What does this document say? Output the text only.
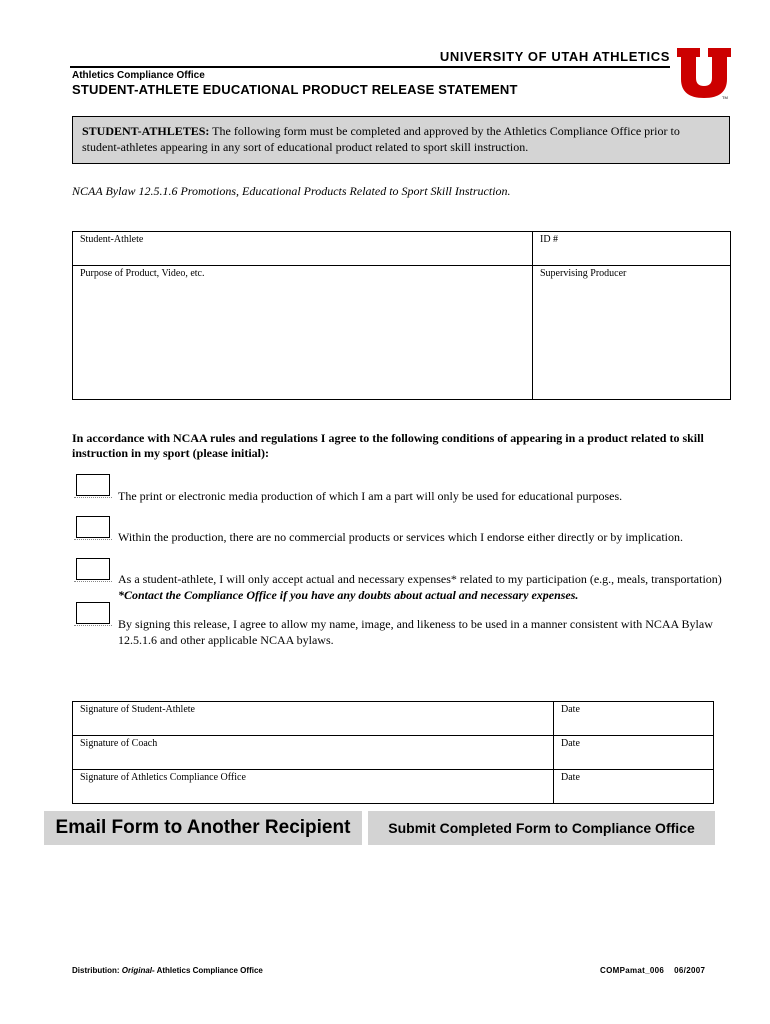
UNIVERSITY OF UTAH ATHLETICS
Athletics Compliance Office
STUDENT-ATHLETE EDUCATIONAL PRODUCT RELEASE STATEMENT
TM
STUDENT-ATHLETES: The following form must be completed and approved by the Athletics Compliance Office prior to student-athletes appearing in any sort of educational product related to sport skill instruction.
NCAA Bylaw 12.5.1.6 Promotions, Educational Products Related to Sport Skill Instruction.
Student-Athlete	ID #
Purpose of Product, Video, etc.	Supervising Producer
In accordance with NCAA rules and regulations I agree to the following conditions of appearing in a product related to skill instruction in my sport (please initial):
The print or electronic media production of which I am a part will only be used for educational purposes.
Within the production, there are no commercial products or services which I endorse either directly or by implication.
As a student-athlete, I will only accept actual and necessary expenses* related to my participation (e.g., meals, transportation) *Contact the Compliance Office if you have any doubts about actual and necessary expenses.
By signing this release, I agree to allow my name, image, and likeness to be used in a manner consistent with NCAA Bylaw 12.5.1.6 and other applicable NCAA bylaws.
Signature of Student-Athlete	Date
Signature of Coach	Date
Signature of Athletics Compliance Office	Date
Email Form to Another Recipient	Submit Completed Form to Compliance Office
Distribution: Original- Athletics Compliance Office	COMPamat_006 06/2007
